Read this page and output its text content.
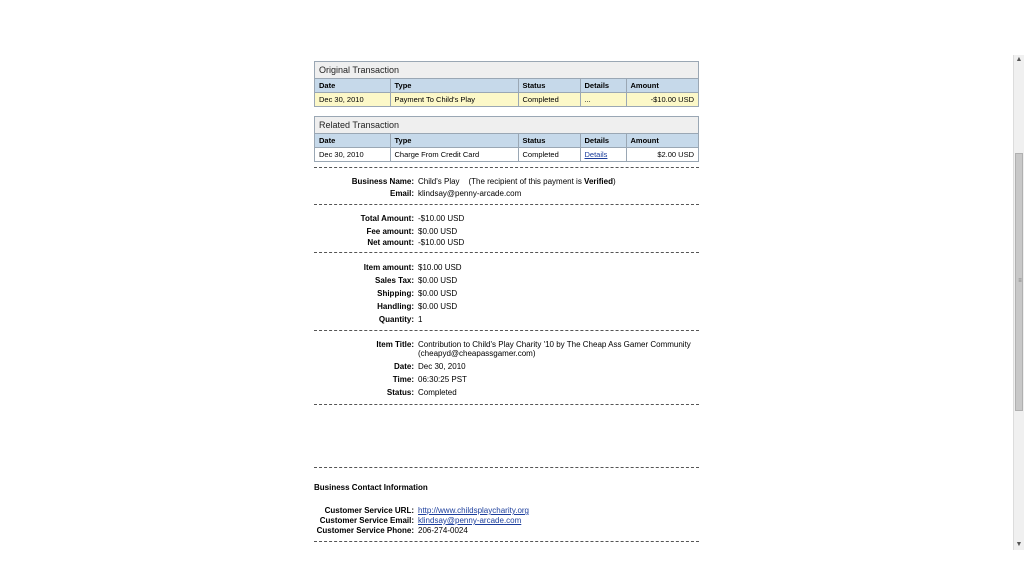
Original Transaction
Date	Type	Status	Details	Amount
Dec 30, 2010	Payment To Child's Play	Completed	...	-$10.00 USD
Related Transaction
Date	Type	Status	Details	Amount
Dec 30, 2010	Charge From Credit Card	Completed	Details	$2.00 USD
Business Name: Child's Play (The recipient of this payment is Verified)
Email: klindsay@penny-arcade.com
Total Amount: -$10.00 USD
Fee amount: $0.00 USD
Net amount: -$10.00 USD
Item amount: $10.00 USD
Sales Tax: $0.00 USD
Shipping: $0.00 USD
Handling: $0.00 USD
Quantity: 1
Item Title: Contribution to Child's Play Charity '10 by The Cheap Ass Gamer Community (cheapyd@cheapassgamer.com)
Date: Dec 30, 2010
Time: 06:30:25 PST
Status: Completed
Business Contact Information
Customer Service URL: http://www.childsplaycharity.org
Customer Service Email: klindsay@penny-arcade.com
Customer Service Phone: 206-274-0024
▲
≡
▼
